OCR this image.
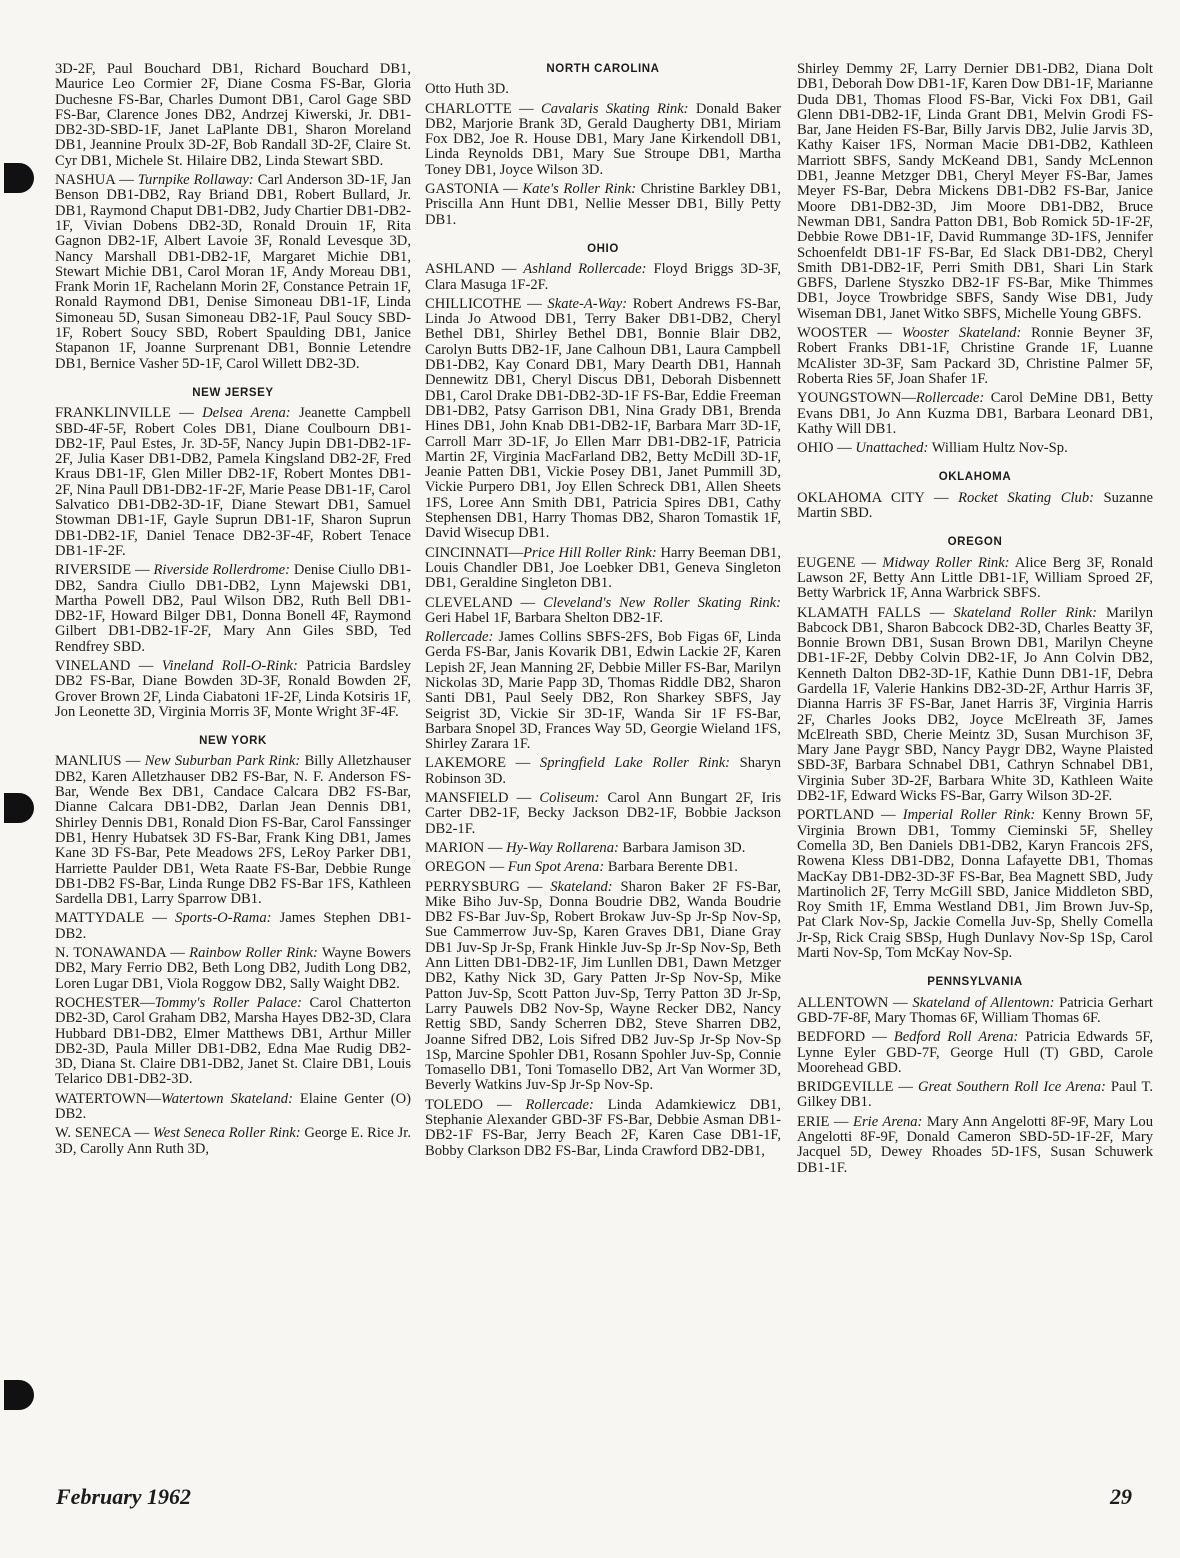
3D-2F, Paul Bouchard DB1, Richard Bouchard DB1, Maurice Leo Cormier 2F, Diane Cosma FS-Bar, Gloria Duchesne FS-Bar, Charles Dumont DB1, Carol Gage SBD FS-Bar, Clarence Jones DB2, Andrzej Kiwerski, Jr. DB1-DB2-3D-SBD-1F, Janet LaPlante DB1, Sharon Moreland DB1, Jeannine Proulx 3D-2F, Bob Randall 3D-2F, Claire St. Cyr DB1, Michele St. Hilaire DB2, Linda Stewart SBD.

NASHUA — Turnpike Rollaway: Carl Anderson 3D-1F, Jan Benson DB1-DB2, Ray Briand DB1, Robert Bullard, Jr. DB1, Raymond Chaput DB1-DB2, Judy Chartier DB1-DB2-1F, Vivian Dobens DB2-3D, Ronald Drouin 1F, Rita Gagnon DB2-1F, Albert Lavoie 3F, Ronald Levesque 3D, Nancy Marshall DB1-DB2-1F, Margaret Michie DB1, Stewart Michie DB1, Carol Moran 1F, Andy Moreau DB1, Frank Morin 1F, Rachelann Morin 2F, Constance Petrain 1F, Ronald Raymond DB1, Denise Simoneau DB1-1F, Linda Simoneau 5D, Susan Simoneau DB2-1F, Paul Soucy SBD-1F, Robert Soucy SBD, Robert Spaulding DB1, Janice Stapanon 1F, Joanne Surprenant DB1, Bonnie Letendre DB1, Bernice Vasher 5D-1F, Carol Willett DB2-3D.

NEW JERSEY

FRANKLINVILLE — Delsea Arena: Jeanette Campbell SBD-4F-5F, Robert Coles DB1, Diane Coulbourn DB1-DB2-1F, Paul Estes, Jr. 3D-5F, Nancy Jupin DB1-DB2-1F-2F, Julia Kaser DB1-DB2, Pamela Kingsland DB2-2F, Fred Kraus DB1-1F, Glen Miller DB2-1F, Robert Montes DB1-2F, Nina Paull DB1-DB2-1F-2F, Marie Pease DB1-1F, Carol Salvatico DB1-DB2-3D-1F, Diane Stewart DB1, Samuel Stowman DB1-1F, Gayle Suprun DB1-1F, Sharon Suprun DB1-DB2-1F, Daniel Tenace DB2-3F-4F, Robert Tenace DB1-1F-2F.

RIVERSIDE — Riverside Rollerdrome: Denise Ciullo DB1-DB2, Sandra Ciullo DB1-DB2, Lynn Majewski DB1, Martha Powell DB2, Paul Wilson DB2, Ruth Bell DB1-DB2-1F, Howard Bilger DB1, Donna Bonell 4F, Raymond Gilbert DB1-DB2-1F-2F, Mary Ann Giles SBD, Ted Rendfrey SBD.

VINELAND — Vineland Roll-O-Rink: Patricia Bardsley DB2 FS-Bar, Diane Bowden 3D-3F, Ronald Bowden 2F, Grover Brown 2F, Linda Ciabatoni 1F-2F, Linda Kotsiris 1F, Jon Leonette 3D, Virginia Morris 3F, Monte Wright 3F-4F.

NEW YORK

MANLIUS — New Suburban Park Rink: Billy Alletzhauser DB2, Karen Alletzhauser DB2 FS-Bar, N. F. Anderson FS-Bar, Wende Bex DB1, Candace Calcara DB2 FS-Bar, Dianne Calcara DB1-DB2, Darlan Jean Dennis DB1, Shirley Dennis DB1, Ronald Dion FS-Bar, Carol Fanssinger DB1, Henry Hubatsek 3D FS-Bar, Frank King DB1, James Kane 3D FS-Bar, Pete Meadows 2FS, LeRoy Parker DB1, Harriette Paulder DB1, Weta Raate FS-Bar, Debbie Runge DB1-DB2 FS-Bar, Linda Runge DB2 FS-Bar 1FS, Kathleen Sardella DB1, Larry Sparrow DB1.

MATTYDALE — Sports-O-Rama: James Stephen DB1-DB2.

N. TONAWANDA — Rainbow Roller Rink: Wayne Bowers DB2, Mary Ferrio DB2, Beth Long DB2, Judith Long DB2, Loren Lugar DB1, Viola Roggow DB2, Sally Waight DB2.

ROCHESTER—Tommy's Roller Palace: Carol Chatterton DB2-3D, Carol Graham DB2, Marsha Hayes DB2-3D, Clara Hubbard DB1-DB2, Elmer Matthews DB1, Arthur Miller DB2-3D, Paula Miller DB1-DB2, Edna Mae Rudig DB2-3D, Diana St. Claire DB1-DB2, Janet St. Claire DB1, Louis Telarico DB1-DB2-3D.

WATERTOWN—Watertown Skateland: Elaine Genter (O) DB2.

W. SENECA — West Seneca Roller Rink: George E. Rice Jr. 3D, Carolly Ann Ruth 3D,

NORTH CAROLINA

Otto Huth 3D.

CHARLOTTE — Cavalaris Skating Rink: Donald Baker DB2, Marjorie Brank 3D, Gerald Daugherty DB1, Miriam Fox DB2, Joe R. House DB1, Mary Jane Kirkendoll DB1, Linda Reynolds DB1, Mary Sue Stroupe DB1, Martha Toney DB1, Joyce Wilson 3D.

GASTONIA — Kate's Roller Rink: Christine Barkley DB1, Priscilla Ann Hunt DB1, Nellie Messer DB1, Billy Petty DB1.

OHIO

ASHLAND — Ashland Rollercade: Floyd Briggs 3D-3F, Clara Masuga 1F-2F.

CHILLICOTHE — Skate-A-Way: Robert Andrews FS-Bar, Linda Jo Atwood DB1, Terry Baker DB1-DB2, Cheryl Bethel DB1, Shirley Bethel DB1, Bonnie Blair DB2, Carolyn Butts DB2-1F, Jane Calhoun DB1, Laura Campbell DB1-DB2, Kay Conard DB1, Mary Dearth DB1, Hannah Dennewitz DB1, Cheryl Discus DB1, Deborah Disbennett DB1, Carol Drake DB1-DB2-3D-1F FS-Bar, Eddie Freeman DB1-DB2, Patsy Garrison DB1, Nina Grady DB1, Brenda Hines DB1, John Knab DB1-DB2-1F, Barbara Marr 3D-1F, Carroll Marr 3D-1F, Jo Ellen Marr DB1-DB2-1F, Patricia Martin 2F, Virginia MacFarland DB2, Betty McDill 3D-1F, Jeanie Patten DB1, Vickie Posey DB1, Janet Pummill 3D, Vickie Purpero DB1, Joy Ellen Schreck DB1, Allen Sheets 1FS, Loree Ann Smith DB1, Patricia Spires DB1, Cathy Stephensen DB1, Harry Thomas DB2, Sharon Tomastik 1F, David Wisecup DB1.

CINCINNATI—Price Hill Roller Rink: Harry Beeman DB1, Louis Chandler DB1, Joe Loebker DB1, Geneva Singleton DB1, Geraldine Singleton DB1.

CLEVELAND — Cleveland's New Roller Skating Rink: Geri Habel 1F, Barbara Shelton DB2-1F.

Rollercade: James Collins SBFS-2FS, Bob Figas 6F, Linda Gerda FS-Bar, Janis Kovarik DB1, Edwin Lackie 2F, Karen Lepish 2F, Jean Manning 2F, Debbie Miller FS-Bar, Marilyn Nickolas 3D, Marie Papp 3D, Thomas Riddle DB2, Sharon Santi DB1, Paul Seely DB2, Ron Sharkey SBFS, Jay Seigrist 3D, Vickie Sir 3D-1F, Wanda Sir 1F FS-Bar, Barbara Snopel 3D, Frances Way 5D, Georgie Wieland 1FS, Shirley Zarara 1F.

LAKEMORE — Springfield Lake Roller Rink: Sharyn Robinson 3D.

MANSFIELD — Coliseum: Carol Ann Bungart 2F, Iris Carter DB2-1F, Becky Jackson DB2-1F, Bobbie Jackson DB2-1F.

MARION — Hy-Way Rollarena: Barbara Jamison 3D.

OREGON — Fun Spot Arena: Barbara Berente DB1.

PERRYSBURG — Skateland: Sharon Baker 2F FS-Bar, Mike Biho Juv-Sp, Donna Boudrie DB2, Wanda Boudrie DB2 FS-Bar Juv-Sp, Robert Brokaw Juv-Sp Jr-Sp Nov-Sp, Sue Cammerrow Juv-Sp, Karen Graves DB1, Diane Gray DB1 Juv-Sp Jr-Sp, Frank Hinkle Juv-Sp Jr-Sp Nov-Sp, Beth Ann Litten DB1-DB2-1F, Jim Lunllen DB1, Dawn Metzger DB2, Kathy Nick 3D, Gary Patten Jr-Sp Nov-Sp, Mike Patton Juv-Sp, Scott Patton Juv-Sp, Terry Patton 3D Jr-Sp, Larry Pauwels DB2 Nov-Sp, Wayne Recker DB2, Nancy Rettig SBD, Sandy Scherren DB2, Steve Sharren DB2, Joanne Sifred DB2, Lois Sifred DB2 Juv-Sp Jr-Sp Nov-Sp 1Sp, Marcine Spohler DB1, Rosann Spohler Juv-Sp, Connie Tomasello DB1, Toni Tomasello DB2, Art Van Wormer 3D, Beverly Watkins Juv-Sp Jr-Sp Nov-Sp.

TOLEDO — Rollercade: Linda Adamkiewicz DB1, Stephanie Alexander GBD-3F FS-Bar, Debbie Asman DB1-DB2-1F FS-Bar, Jerry Beach 2F, Karen Case DB1-1F, Bobby Clarkson DB2 FS-Bar, Linda Crawford DB2-DB1,

Shirley Demmy 2F, Larry Dernier DB1-DB2, Diana Dolt DB1, Deborah Dow DB1-1F, Karen Dow DB1-1F, Marianne Duda DB1, Thomas Flood FS-Bar, Vicki Fox DB1, Gail Glenn DB1-DB2-1F, Linda Grant DB1, Melvin Grodi FS-Bar, Jane Heiden FS-Bar, Billy Jarvis DB2, Julie Jarvis 3D, Kathy Kaiser 1FS, Norman Macie DB1-DB2, Kathleen Marriott SBFS, Sandy McKeand DB1, Sandy McLennon DB1, Jeanne Metzger DB1, Cheryl Meyer FS-Bar, James Meyer FS-Bar, Debra Mickens DB1-DB2 FS-Bar, Janice Moore DB1-DB2-3D, Jim Moore DB1-DB2, Bruce Newman DB1, Sandra Patton DB1, Bob Romick 5D-1F-2F, Debbie Rowe DB1-1F, David Rummange 3D-1FS, Jennifer Schoenfeldt DB1-1F FS-Bar, Ed Slack DB1-DB2, Cheryl Smith DB1-DB2-1F, Perri Smith DB1, Shari Lin Stark GBFS, Darlene Styszko DB2-1F FS-Bar, Mike Thimmes DB1, Joyce Trowbridge SBFS, Sandy Wise DB1, Judy Wiseman DB1, Janet Witko SBFS, Michelle Young GBFS.

WOOSTER — Wooster Skateland: Ronnie Beyner 3F, Robert Franks DB1-1F, Christine Grande 1F, Luanne McAlister 3D-3F, Sam Packard 3D, Christine Palmer 5F, Roberta Ries 5F, Joan Shafer 1F.

YOUNGSTOWN—Rollercade: Carol DeMine DB1, Betty Evans DB1, Jo Ann Kuzma DB1, Barbara Leonard DB1, Kathy Will DB1.

OHIO — Unattached: William Hultz Nov-Sp.

OKLAHOMA

OKLAHOMA CITY — Rocket Skating Club: Suzanne Martin SBD.

OREGON

EUGENE — Midway Roller Rink: Alice Berg 3F, Ronald Lawson 2F, Betty Ann Little DB1-1F, William Sproed 2F, Betty Warbrick 1F, Anna Warbrick SBFS.

KLAMATH FALLS — Skateland Roller Rink: Marilyn Babcock DB1, Sharon Babcock DB2-3D, Charles Beatty 3F, Bonnie Brown DB1, Susan Brown DB1, Marilyn Cheyne DB1-1F-2F, Debby Colvin DB2-1F, Jo Ann Colvin DB2, Kenneth Dalton DB2-3D-1F, Kathie Dunn DB1-1F, Debra Gardella 1F, Valerie Hankins DB2-3D-2F, Arthur Harris 3F, Dianna Harris 3F FS-Bar, Janet Harris 3F, Virginia Harris 2F, Charles Jooks DB2, Joyce McElreath 3F, James McElreath SBD, Cherie Meintz 3D, Susan Murchison 3F, Mary Jane Paygr SBD, Nancy Paygr DB2, Wayne Plaisted SBD-3F, Barbara Schnabel DB1, Cathryn Schnabel DB1, Virginia Suber 3D-2F, Barbara White 3D, Kathleen Waite DB2-1F, Edward Wicks FS-Bar, Garry Wilson 3D-2F.

PORTLAND — Imperial Roller Rink: Kenny Brown 5F, Virginia Brown DB1, Tommy Cieminski 5F, Shelley Comella 3D, Ben Daniels DB1-DB2, Karyn Francois 2FS, Rowena Kless DB1-DB2, Donna Lafayette DB1, Thomas MacKay DB1-DB2-3D-3F FS-Bar, Bea Magnett SBD, Judy Martinolich 2F, Terry McGill SBD, Janice Middleton SBD, Roy Smith 1F, Emma Westland DB1, Jim Brown Juv-Sp, Pat Clark Nov-Sp, Jackie Comella Juv-Sp, Shelly Comella Jr-Sp, Rick Craig SBSp, Hugh Dunlavy Nov-Sp 1Sp, Carol Marti Nov-Sp, Tom McKay Nov-Sp.

PENNSYLVANIA

ALLENTOWN — Skateland of Allentown: Patricia Gerhart GBD-7F-8F, Mary Thomas 6F, William Thomas 6F.

BEDFORD — Bedford Roll Arena: Patricia Edwards 5F, Lynne Eyler GBD-7F, George Hull (T) GBD, Carole Moorehead GBD.

BRIDGEVILLE — Great Southern Roll Ice Arena: Paul T. Gilkey DB1.

ERIE — Erie Arena: Mary Ann Angelotti 8F-9F, Mary Lou Angelotti 8F-9F, Donald Cameron SBD-5D-1F-2F, Mary Jacquel 5D, Dewey Rhoades 5D-1FS, Susan Schuwerk DB1-1F.

February 1962	29
